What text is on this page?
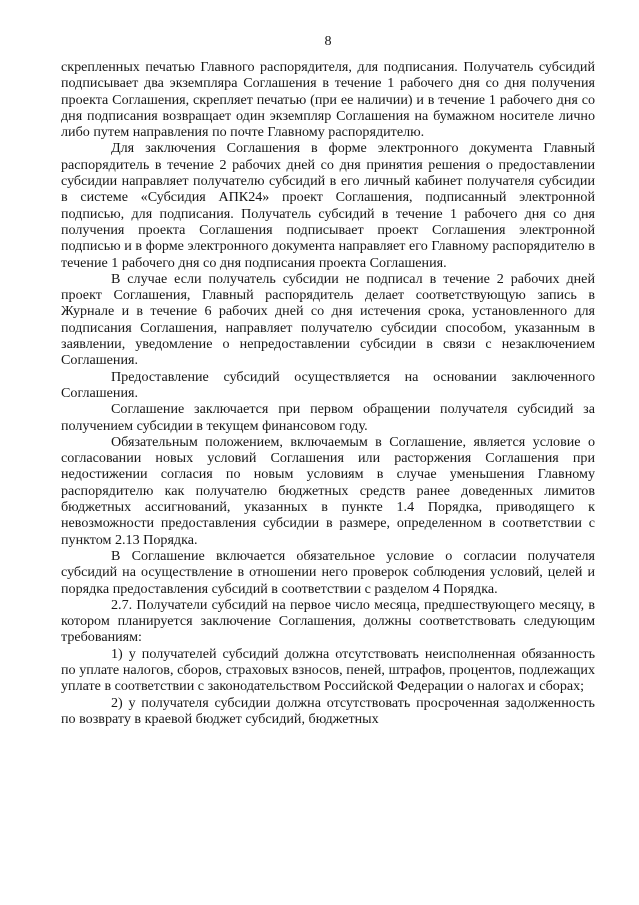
8

скрепленных печатью Главного распорядителя, для подписания. Получатель субсидий подписывает два экземпляра Соглашения в течение 1 рабочего дня со дня получения проекта Соглашения, скрепляет печатью (при ее наличии) и в течение 1 рабочего дня со дня подписания возвращает один экземпляр Соглашения на бумажном носителе лично либо путем направления по почте Главному распорядителю.

Для заключения Соглашения в форме электронного документа Главный распорядитель в течение 2 рабочих дней со дня принятия решения о предоставлении субсидии направляет получателю субсидий в его личный кабинет получателя субсидии в системе «Субсидия АПК24» проект Соглашения, подписанный электронной подписью, для подписания. Получатель субсидий в течение 1 рабочего дня со дня получения проекта Соглашения подписывает проект Соглашения электронной подписью и в форме электронного документа направляет его Главному распорядителю в течение 1 рабочего дня со дня подписания проекта Соглашения.

В случае если получатель субсидии не подписал в течение 2 рабочих дней проект Соглашения, Главный распорядитель делает соответствующую запись в Журнале и в течение 6 рабочих дней со дня истечения срока, установленного для подписания Соглашения, направляет получателю субсидии способом, указанным в заявлении, уведомление о непредоставлении субсидии в связи с незаключением Соглашения.

Предоставление субсидий осуществляется на основании заключенного Соглашения.

Соглашение заключается при первом обращении получателя субсидий за получением субсидии в текущем финансовом году.

Обязательным положением, включаемым в Соглашение, является условие о согласовании новых условий Соглашения или расторжения Соглашения при недостижении согласия по новым условиям в случае уменьшения Главному распорядителю как получателю бюджетных средств ранее доведенных лимитов бюджетных ассигнований, указанных в пункте 1.4 Порядка, приводящего к невозможности предоставления субсидии в размере, определенном в соответствии с пунктом 2.13 Порядка.

В Соглашение включается обязательное условие о согласии получателя субсидий на осуществление в отношении него проверок соблюдения условий, целей и порядка предоставления субсидий в соответствии с разделом 4 Порядка.

2.7. Получатели субсидий на первое число месяца, предшествующего месяцу, в котором планируется заключение Соглашения, должны соответствовать следующим требованиям:

1) у получателей субсидий должна отсутствовать неисполненная обязанность по уплате налогов, сборов, страховых взносов, пеней, штрафов, процентов, подлежащих уплате в соответствии с законодательством Российской Федерации о налогах и сборах;

2) у получателя субсидии должна отсутствовать просроченная задолженность по возврату в краевой бюджет субсидий, бюджетных
